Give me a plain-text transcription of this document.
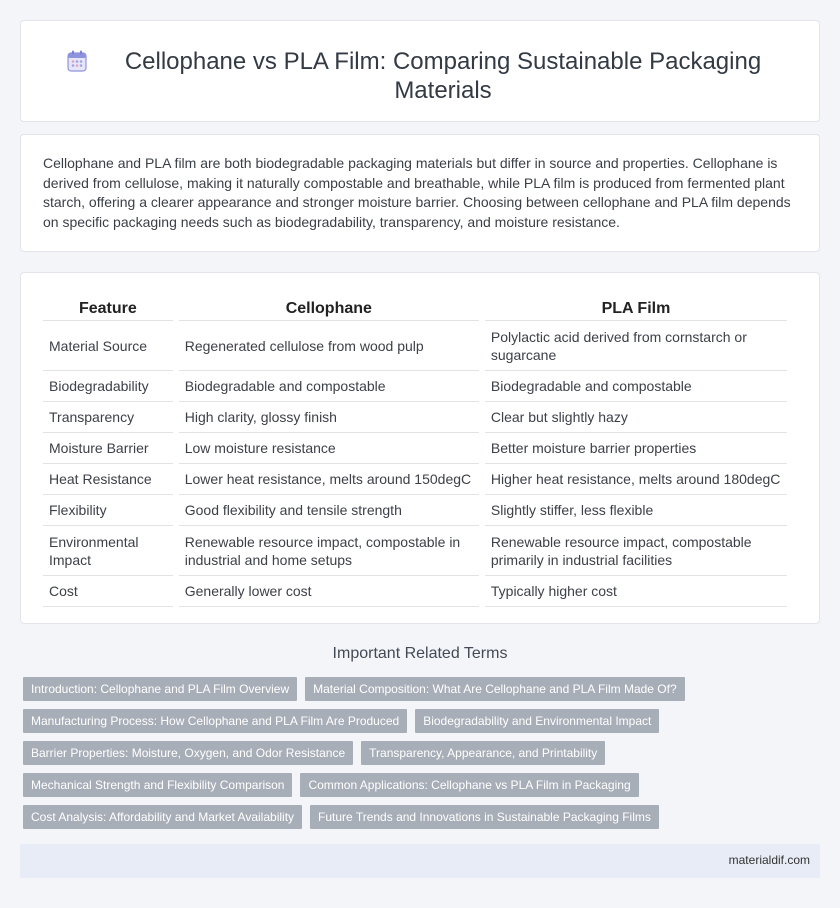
Cellophane vs PLA Film: Comparing Sustainable Packaging Materials

Cellophane and PLA film are both biodegradable packaging materials but differ in source and properties. Cellophane is derived from cellulose, making it naturally compostable and breathable, while PLA film is produced from fermented plant starch, offering a clearer appearance and stronger moisture barrier. Choosing between cellophane and PLA film depends on specific packaging needs such as biodegradability, transparency, and moisture resistance.

Feature	Cellophane	PLA Film
Material Source	Regenerated cellulose from wood pulp	Polylactic acid derived from cornstarch or sugarcane
Biodegradability	Biodegradable and compostable	Biodegradable and compostable
Transparency	High clarity, glossy finish	Clear but slightly hazy
Moisture Barrier	Low moisture resistance	Better moisture barrier properties
Heat Resistance	Lower heat resistance, melts around 150degC	Higher heat resistance, melts around 180degC
Flexibility	Good flexibility and tensile strength	Slightly stiffer, less flexible
Environmental Impact	Renewable resource impact, compostable in industrial and home setups	Renewable resource impact, compostable primarily in industrial facilities
Cost	Generally lower cost	Typically higher cost
Important Related Terms
Introduction: Cellophane and PLA Film Overview	Material Composition: What Are Cellophane and PLA Film Made Of?
Manufacturing Process: How Cellophane and PLA Film Are Produced	Biodegradability and Environmental Impact
Barrier Properties: Moisture, Oxygen, and Odor Resistance	Transparency, Appearance, and Printability
Mechanical Strength and Flexibility Comparison	Common Applications: Cellophane vs PLA Film in Packaging
Cost Analysis: Affordability and Market Availability	Future Trends and Innovations in Sustainable Packaging Films
materialdif.com
